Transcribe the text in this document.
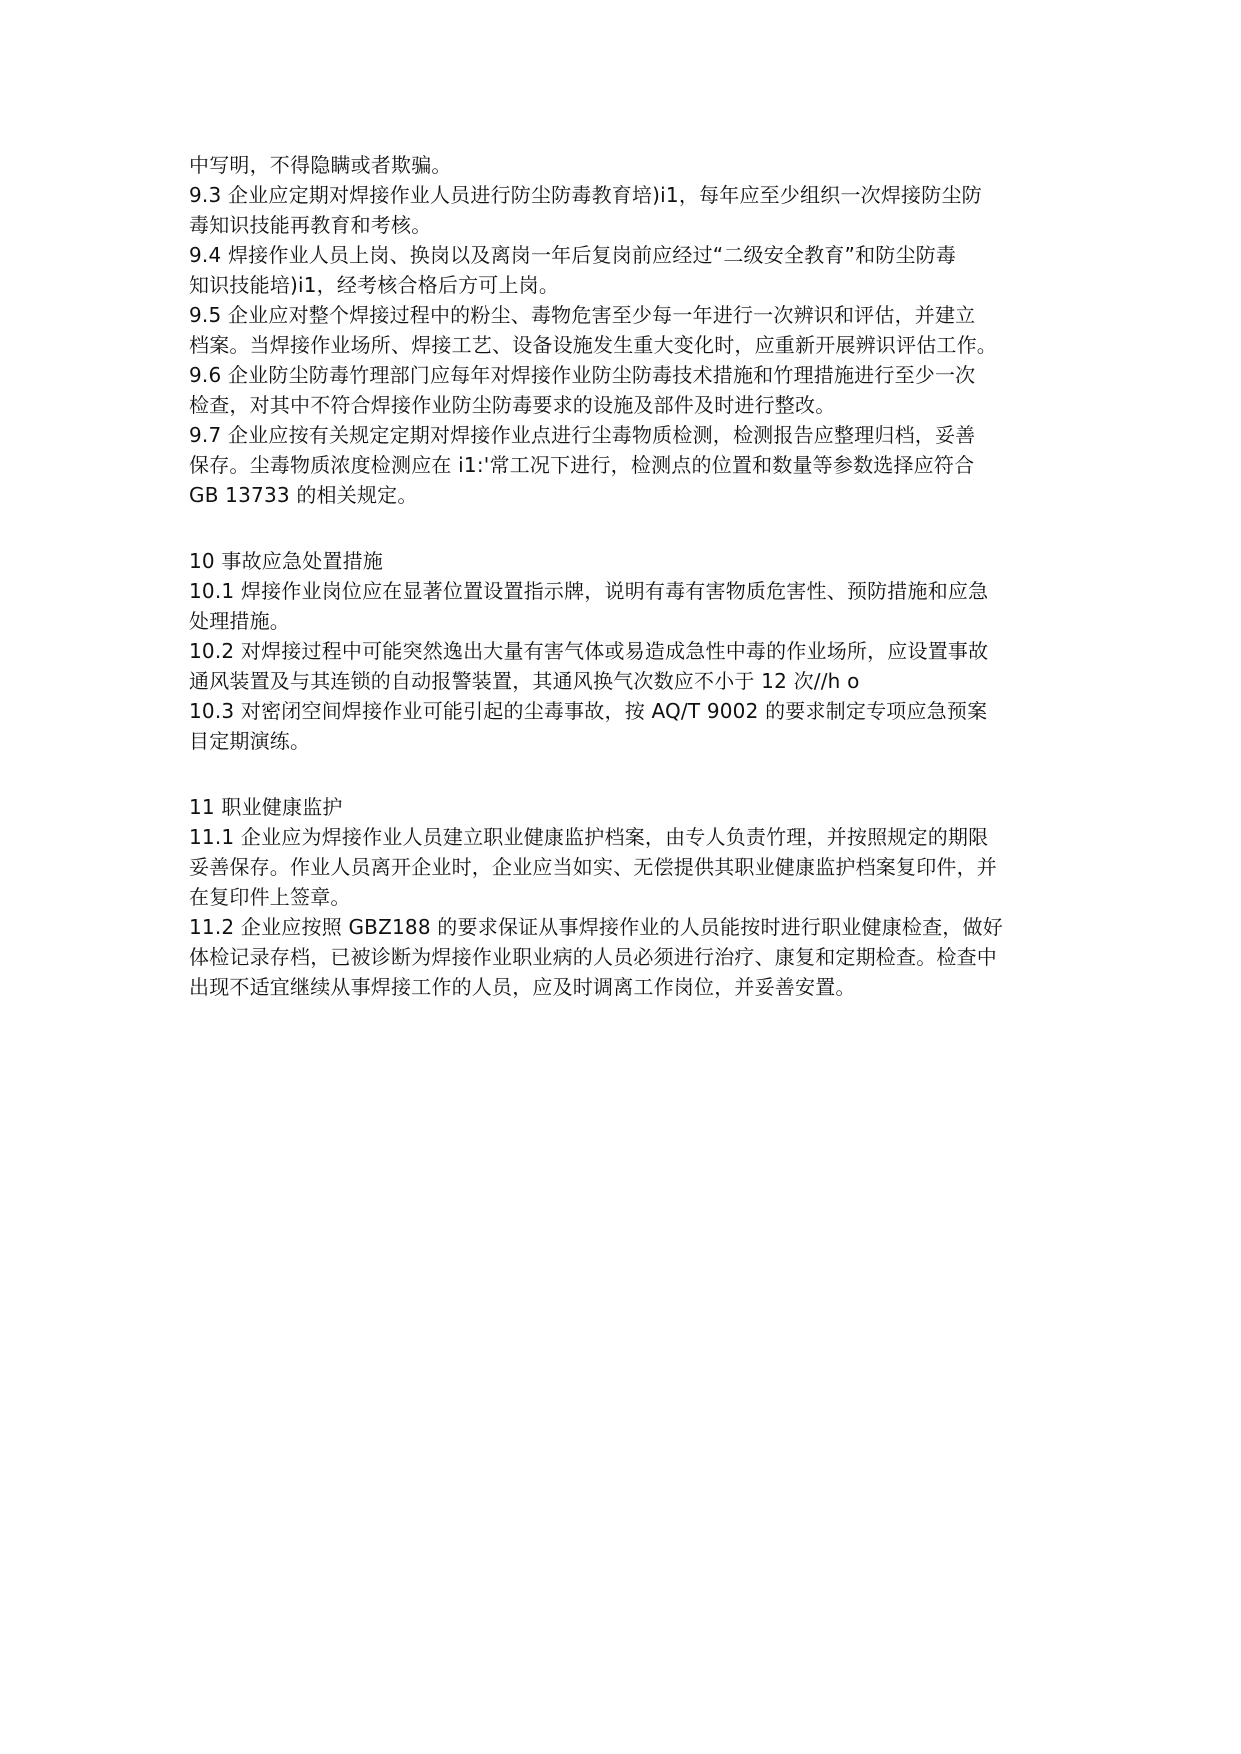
中写明，不得隐瞒或者欺骗。
9.3 企业应定期对焊接作业人员进行防尘防毒教育培)i1，每年应至少组织一次焊接防尘防
毒知识技能再教育和考核。
9.4 焊接作业人员上岗、换岗以及离岗一年后复岗前应经过“二级安全教育”和防尘防毒
知识技能培)i1，经考核合格后方可上岗。
9.5 企业应对整个焊接过程中的粉尘、毒物危害至少每一年进行一次辨识和评估，并建立
档案。当焊接作业场所、焊接工艺、设备设施发生重大变化时，应重新开展辨识评估工作。
9.6 企业防尘防毒竹理部门应每年对焊接作业防尘防毒技术措施和竹理措施进行至少一次
检查，对其中不符合焊接作业防尘防毒要求的设施及部件及时进行整改。
9.7 企业应按有关规定定期对焊接作业点进行尘毒物质检测，检测报告应整理归档，妥善
保存。尘毒物质浓度检测应在 i1:'常工况下进行，检测点的位置和数量等参数选择应符合
GB 13733 的相关规定。
10 事故应急处置措施
10.1 焊接作业岗位应在显著位置设置指示牌，说明有毒有害物质危害性、预防措施和应急
处理措施。
10.2 对焊接过程中可能突然逸出大量有害气体或易造成急性中毒的作业场所，应设置事故
通风装置及与其连锁的自动报警装置，其通风换气次数应不小于 12 次//h o
10.3 对密闭空间焊接作业可能引起的尘毒事故，按 AQ/T 9002 的要求制定专项应急预案
目定期演练。
11 职业健康监护
11.1 企业应为焊接作业人员建立职业健康监护档案，由专人负责竹理，并按照规定的期限
妥善保存。作业人员离开企业时，企业应当如实、无偿提供其职业健康监护档案复印件，并
在复印件上签章。
11.2 企业应按照 GBZ188 的要求保证从事焊接作业的人员能按时进行职业健康检查，做好
体检记录存档，已被诊断为焊接作业职业病的人员必须进行治疗、康复和定期检查。检查中
出现不适宜继续从事焊接工作的人员，应及时调离工作岗位，并妥善安置。
